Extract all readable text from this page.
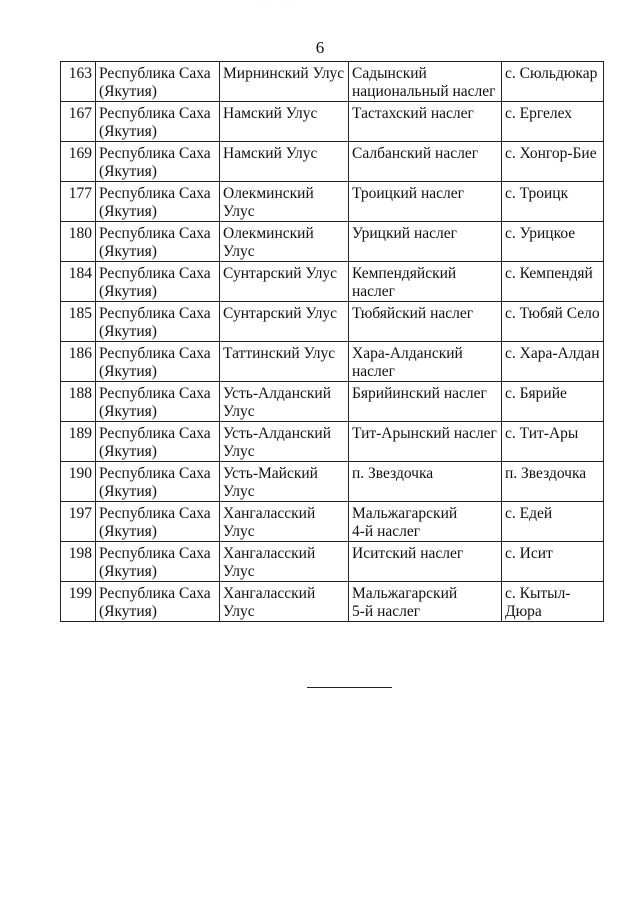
˙ ˙ ˙ ˙
6
163	Республика Саха
(Якутия)	Мирнинский Улус	Садынский
национальный наслег	с. Сюльдюкар

167	Республика Саха
(Якутия)	Намский Улус	Тастахский наслег	с. Ергелех

169	Республика Саха
(Якутия)	Намский Улус	Салбанский наслег	с. Хонгор-Бие

177	Республика Саха
(Якутия)	Олекминский
Улус	Троицкий наслег	с. Троицк

180	Республика Саха
(Якутия)	Олекминский
Улус	Урицкий наслег	с. Урицкое

184	Республика Саха
(Якутия)	Сунтарский Улус	Кемпендяйский
наслег	с. Кемпендяй

185	Республика Саха
(Якутия)	Сунтарский Улус	Тюбяйский наслег	с. Тюбяй Село

186	Республика Саха
(Якутия)	Таттинский Улус	Хара-Алданский
наслег	с. Хара-Алдан

188	Республика Саха
(Якутия)	Усть-Алданский
Улус	Бярийинский наслег	с. Бярийе

189	Республика Саха
(Якутия)	Усть-Алданский
Улус	Тит-Арынский наслег	с. Тит-Ары

190	Республика Саха
(Якутия)	Усть-Майский
Улус	п. Звездочка	п. Звездочка

197	Республика Саха
(Якутия)	Хангаласский
Улус	Мальжагарский
4-й наслег	с. Едей

198	Республика Саха
(Якутия)	Хангаласский
Улус	Иситский наслег	с. Исит

199	Республика Саха
(Якутия)	Хангаласский
Улус	Мальжагарский
5-й наслег	с. Кытыл-
Дюра
